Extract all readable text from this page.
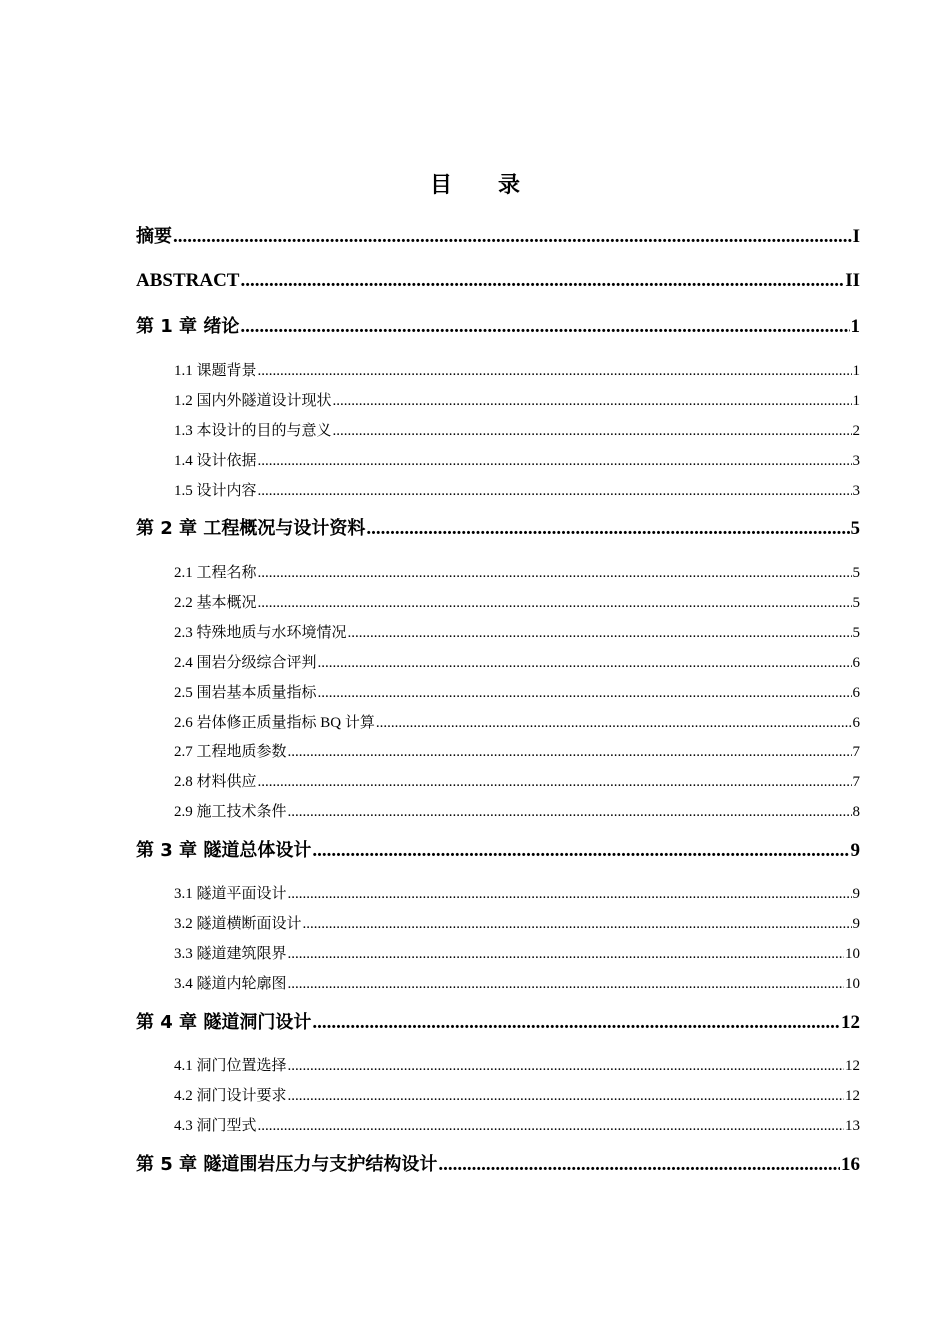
目 录
摘要 .....	I
ABSTRACT .....	II
第 1 章 绪论 .....	1
1.1 课题背景 .....	1
1.2 国内外隧道设计现状 .....	1
1.3 本设计的目的与意义 .....	2
1.4 设计依据 .....	3
1.5 设计内容 .....	3
第 2 章 工程概况与设计资料 .....	5
2.1 工程名称 .....	5
2.2 基本概况 .....	5
2.3 特殊地质与水环境情况 .....	5
2.4 围岩分级综合评判 .....	6
2.5 围岩基本质量指标 .....	6
2.6 岩体修正质量指标 BQ 计算 .....	6
2.7 工程地质参数 .....	7
2.8 材料供应 .....	7
2.9 施工技术条件 .....	8
第 3 章 隧道总体设计 .....	9
3.1 隧道平面设计 .....	9
3.2 隧道横断面设计 .....	9
3.3 隧道建筑限界 .....	10
3.4 隧道内轮廓图 .....	10
第 4 章 隧道洞门设计 .....	12
4.1 洞门位置选择 .....	12
4.2 洞门设计要求 .....	12
4.3 洞门型式 .....	13
第 5 章 隧道围岩压力与支护结构设计 .....	16
